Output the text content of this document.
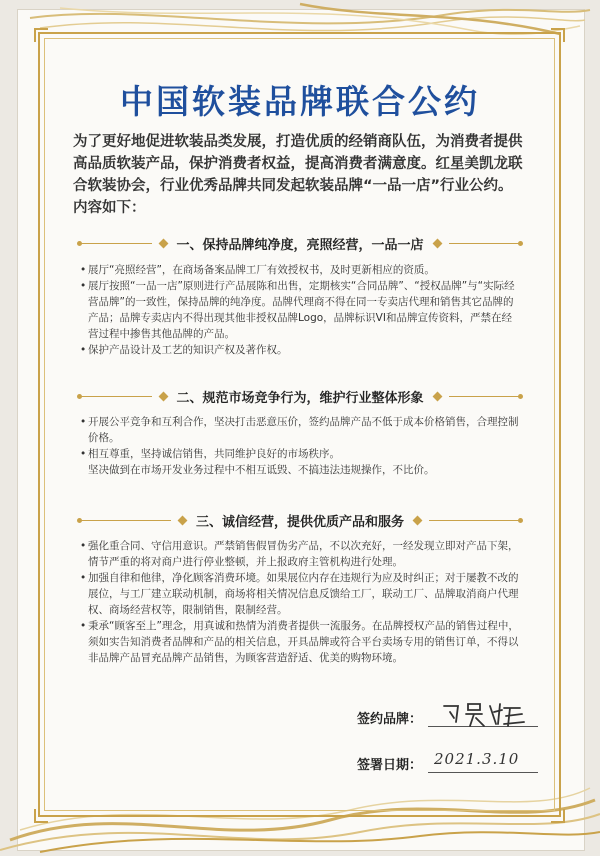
中国软装品牌联合公约
为了更好地促进软装品类发展，打造优质的经销商队伍，为消费者提供高品质软装产品，保护消费者权益，提高消费者满意度。红星美凯龙联合软装协会，行业优秀品牌共同发起软装品牌“一品一店”行业公约。内容如下：
一、保持品牌纯净度，亮照经营，一品一店

• 展厅“亮照经营”，在商场备案品牌工厂有效授权书，及时更新相应的资质。

• 展厅按照“一品一店”原则进行产品展陈和出售，定期核实“合同品牌”、“授权品牌”与“实际经营品牌”的一致性，保持品牌的纯净度。品牌代理商不得在同一专卖店代理和销售其它品牌的产品；品牌专卖店内不得出现其他非授权品牌Logo，品牌标识VI和品牌宣传资料，严禁在经营过程中掺售其他品牌的产品。

• 保护产品设计及工艺的知识产权及著作权。

二、规范市场竞争行为，维护行业整体形象

• 开展公平竞争和互利合作，坚决打击恶意压价，签约品牌产品不低于成本价格销售，合理控制价格。

• 相互尊重，坚持诚信销售，共同维护良好的市场秩序。

坚决做到在市场开发业务过程中不相互诋毁、不搞违法违规操作，不比价。

三、诚信经营，提供优质产品和服务

• 强化重合同、守信用意识。严禁销售假冒伪劣产品，不以次充好，一经发现立即对产品下架，情节严重的将对商户进行停业整顿，并上报政府主管机构进行处理。

• 加强自律和他律，净化顾客消费环境。如果展位内存在违规行为应及时纠正；对于屡教不改的展位，与工厂建立联动机制，商场将相关情况信息反馈给工厂，联动工厂、品牌取消商户代理权、商场经营权等，限制销售，限制经营。

• 秉承“顾客至上”理念，用真诚和热情为消费者提供一流服务。在品牌授权产品的销售过程中，须如实告知消费者品牌和产品的相关信息，开具品牌或符合平台卖场专用的销售订单，不得以非品牌产品冒充品牌产品销售，为顾客营造舒适、优美的购物环境。

签约品牌：
签署日期： 2021.3.10
